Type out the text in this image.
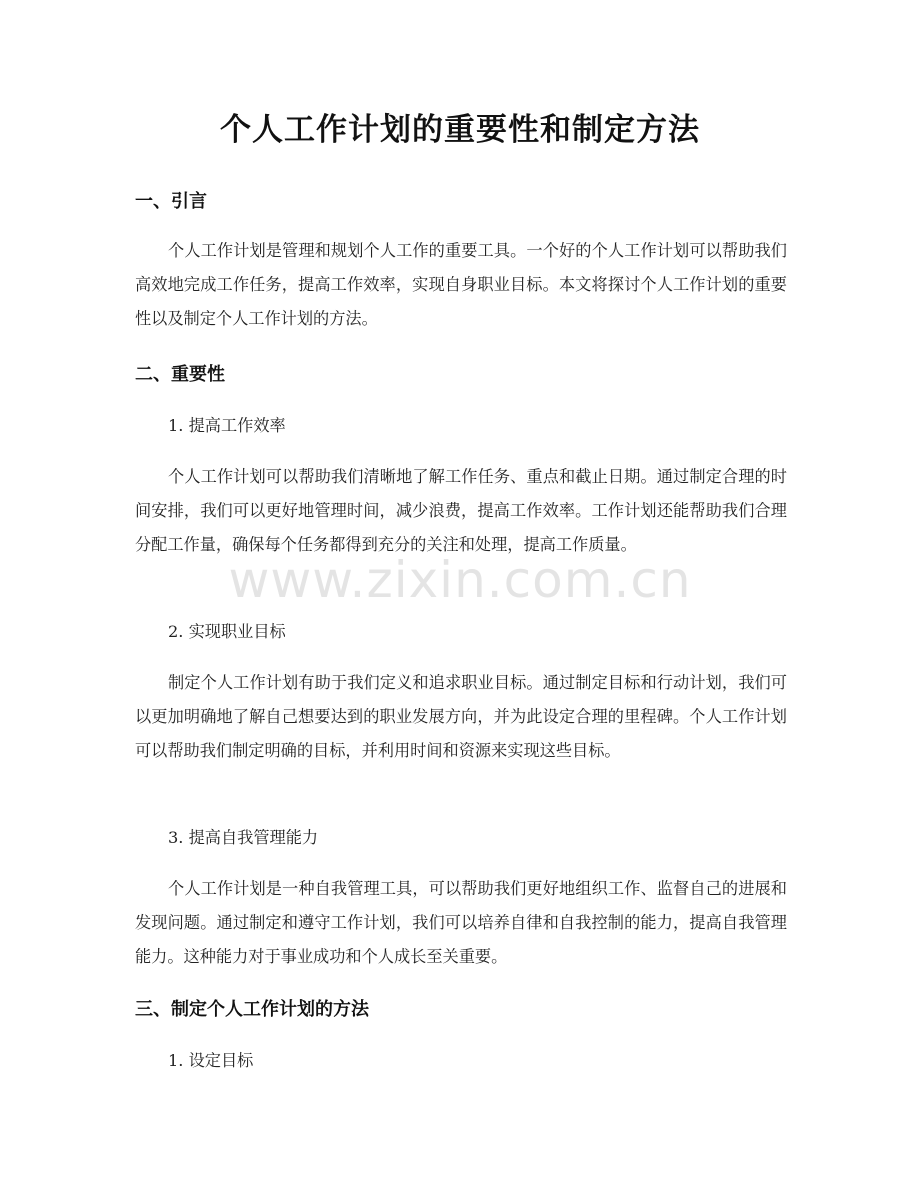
个人工作计划的重要性和制定方法
一、引言
个人工作计划是管理和规划个人工作的重要工具。一个好的个人工作计划可以帮助我们高效地完成工作任务，提高工作效率，实现自身职业目标。本文将探讨个人工作计划的重要性以及制定个人工作计划的方法。
二、重要性
1. 提高工作效率
个人工作计划可以帮助我们清晰地了解工作任务、重点和截止日期。通过制定合理的时间安排，我们可以更好地管理时间，减少浪费，提高工作效率。工作计划还能帮助我们合理分配工作量，确保每个任务都得到充分的关注和处理，提高工作质量。
2. 实现职业目标
制定个人工作计划有助于我们定义和追求职业目标。通过制定目标和行动计划，我们可以更加明确地了解自己想要达到的职业发展方向，并为此设定合理的里程碑。个人工作计划可以帮助我们制定明确的目标，并利用时间和资源来实现这些目标。
3. 提高自我管理能力
个人工作计划是一种自我管理工具，可以帮助我们更好地组织工作、监督自己的进展和发现问题。通过制定和遵守工作计划，我们可以培养自律和自我控制的能力，提高自我管理能力。这种能力对于事业成功和个人成长至关重要。
三、制定个人工作计划的方法
1. 设定目标
www.zixin.com.cn
